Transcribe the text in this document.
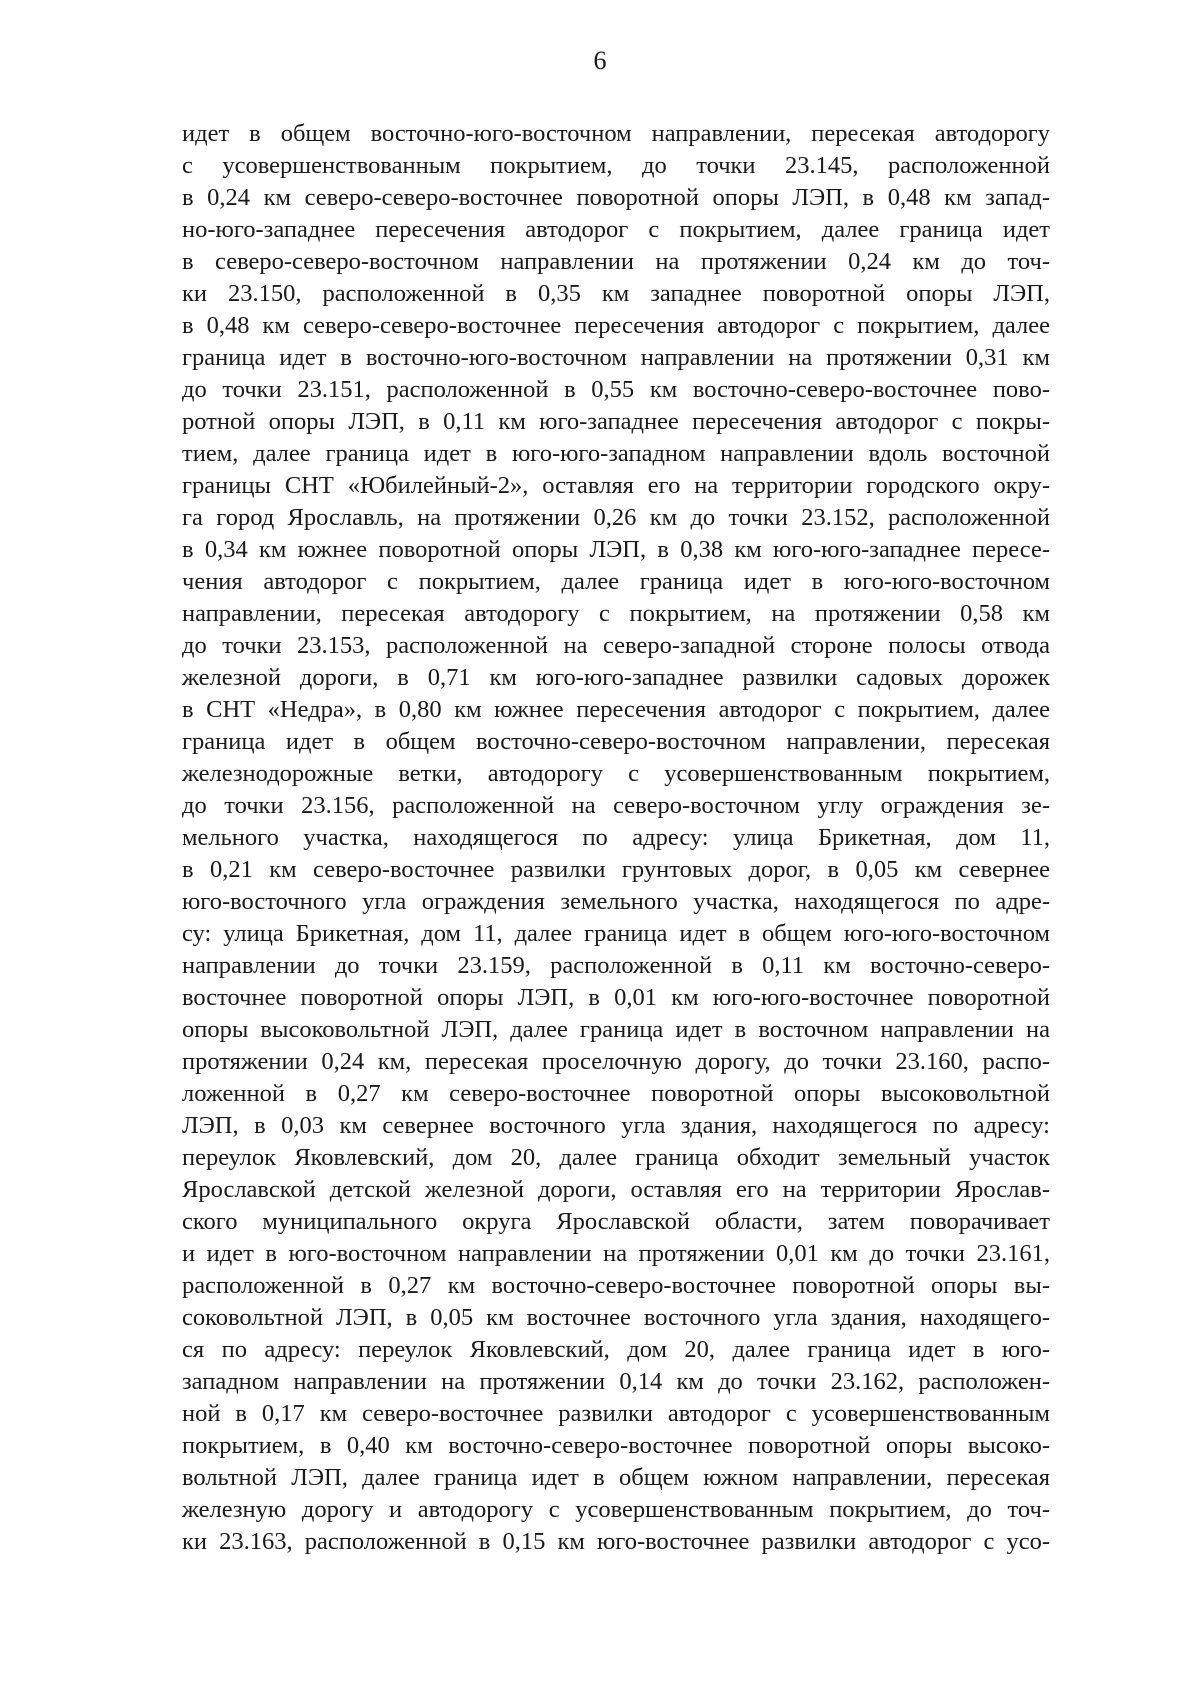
6
идет в общем восточно-юго-восточном направлении, пересекая автодорогу
с усовершенствованным покрытием, до точки 23.145, расположенной
в 0,24 км северо-северо-восточнее поворотной опоры ЛЭП, в 0,48 км запад-
но-юго-западнее пересечения автодорог с покрытием, далее граница идет
в северо-северо-восточном направлении на протяжении 0,24 км до точ-
ки 23.150, расположенной в 0,35 км западнее поворотной опоры ЛЭП,
в 0,48 км северо-северо-восточнее пересечения автодорог с покрытием, далее
граница идет в восточно-юго-восточном направлении на протяжении 0,31 км
до точки 23.151, расположенной в 0,55 км восточно-северо-восточнее пово-
ротной опоры ЛЭП, в 0,11 км юго-западнее пересечения автодорог с покры-
тием, далее граница идет в юго-юго-западном направлении вдоль восточной
границы СНТ «Юбилейный-2», оставляя его на территории городского окру-
га город Ярославль, на протяжении 0,26 км до точки 23.152, расположенной
в 0,34 км южнее поворотной опоры ЛЭП, в 0,38 км юго-юго-западнее пересе-
чения автодорог с покрытием, далее граница идет в юго-юго-восточном
направлении, пересекая автодорогу с покрытием, на протяжении 0,58 км
до точки 23.153, расположенной на северо-западной стороне полосы отвода
железной дороги, в 0,71 км юго-юго-западнее развилки садовых дорожек
в СНТ «Недра», в 0,80 км южнее пересечения автодорог с покрытием, далее
граница идет в общем восточно-северо-восточном направлении, пересекая
железнодорожные ветки, автодорогу с усовершенствованным покрытием,
до точки 23.156, расположенной на северо-восточном углу ограждения зе-
мельного участка, находящегося по адресу: улица Брикетная, дом 11,
в 0,21 км северо-восточнее развилки грунтовых дорог, в 0,05 км севернее
юго-восточного угла ограждения земельного участка, находящегося по адре-
су: улица Брикетная, дом 11, далее граница идет в общем юго-юго-восточном
направлении до точки 23.159, расположенной в 0,11 км восточно-северо-
восточнее поворотной опоры ЛЭП, в 0,01 км юго-юго-восточнее поворотной
опоры высоковольтной ЛЭП, далее граница идет в восточном направлении на
протяжении 0,24 км, пересекая проселочную дорогу, до точки 23.160, распо-
ложенной в 0,27 км северо-восточнее поворотной опоры высоковольтной
ЛЭП, в 0,03 км севернее восточного угла здания, находящегося по адресу:
переулок Яковлевский, дом 20, далее граница обходит земельный участок
Ярославской детской железной дороги, оставляя его на территории Ярослав-
ского муниципального округа Ярославской области, затем поворачивает
и идет в юго-восточном направлении на протяжении 0,01 км до точки 23.161,
расположенной в 0,27 км восточно-северо-восточнее поворотной опоры вы-
соковольтной ЛЭП, в 0,05 км восточнее восточного угла здания, находящего-
ся по адресу: переулок Яковлевский, дом 20, далее граница идет в юго-
западном направлении на протяжении 0,14 км до точки 23.162, расположен-
ной в 0,17 км северо-восточнее развилки автодорог с усовершенствованным
покрытием, в 0,40 км восточно-северо-восточнее поворотной опоры высоко-
вольтной ЛЭП, далее граница идет в общем южном направлении, пересекая
железную дорогу и автодорогу с усовершенствованным покрытием, до точ-
ки 23.163, расположенной в 0,15 км юго-восточнее развилки автодорог с усо-
